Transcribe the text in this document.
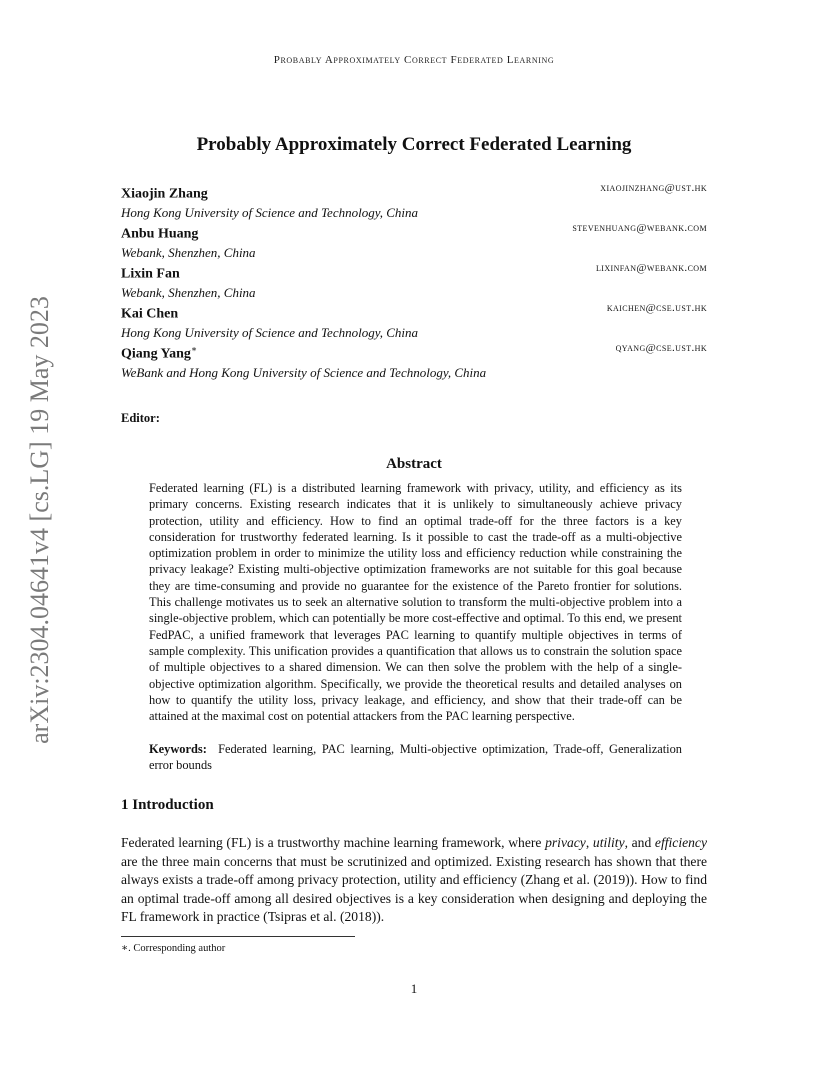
Probably Approximately Correct Federated Learning
arXiv:2304.04641v4 [cs.LG] 19 May 2023
Probably Approximately Correct Federated Learning
Xiaojin Zhang
Hong Kong University of Science and Technology, China
xiaojinzhang@ust.hk
Anbu Huang
Webank, Shenzhen, China
stevenhuang@webank.com
Lixin Fan
Webank, Shenzhen, China
lixinfan@webank.com
Kai Chen
Hong Kong University of Science and Technology, China
kaichen@cse.ust.hk
Qiang Yang∗
WeBank and Hong Kong University of Science and Technology, China
qyang@cse.ust.hk
Editor:
Abstract

Federated learning (FL) is a distributed learning framework with privacy, utility, and efficiency as its primary concerns. Existing research indicates that it is unlikely to simultaneously achieve privacy protection, utility and efficiency. How to find an optimal trade-off for the three factors is a key consideration for trustworthy federated learning. Is it possible to cast the trade-off as a multi-objective optimization problem in order to minimize the utility loss and efficiency reduction while constraining the privacy leakage? Existing multi-objective optimization frameworks are not suitable for this goal because they are time-consuming and provide no guarantee for the existence of the Pareto frontier for solutions. This challenge motivates us to seek an alternative solution to transform the multi-objective problem into a single-objective problem, which can potentially be more cost-effective and optimal. To this end, we present FedPAC, a unified framework that leverages PAC learning to quantify multiple objectives in terms of sample complexity. This unification provides a quantification that allows us to constrain the solution space of multiple objectives to a shared dimension. We can then solve the problem with the help of a single-objective optimization algorithm. Specifically, we provide the theoretical results and detailed analyses on how to quantify the utility loss, privacy leakage, and efficiency, and show that their trade-off can be attained at the maximal cost on potential attackers from the PAC learning perspective.

Keywords: Federated learning, PAC learning, Multi-objective optimization, Trade-off, Generalization error bounds

1 Introduction

Federated learning (FL) is a trustworthy machine learning framework, where privacy, utility, and efficiency are the three main concerns that must be scrutinized and optimized. Existing research has shown that there always exists a trade-off among privacy protection, utility and efficiency (Zhang et al. (2019)). How to find an optimal trade-off among all desired objectives is a key consideration when designing and deploying the FL framework in practice (Tsipras et al. (2018)).

∗. Corresponding author
1
